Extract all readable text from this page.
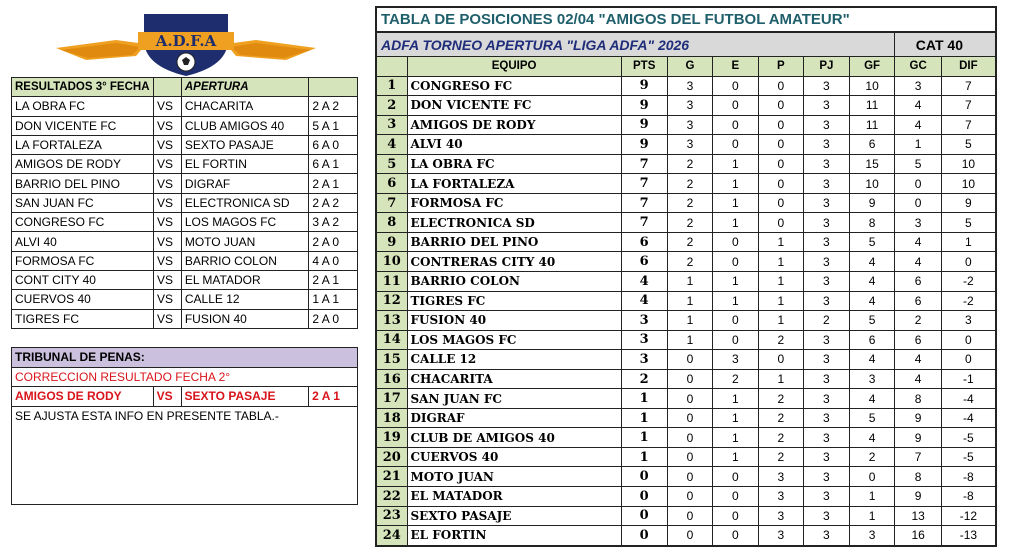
A.D.F.A
RESULTADOS 3° FECHA		APERTURA	
LA OBRA FC	VS	CHACARITA	2 A 2
DON VICENTE FC	VS	CLUB AMIGOS 40	5 A 1
LA FORTALEZA	VS	SEXTO PASAJE	6 A 0
AMIGOS DE RODY	VS	EL FORTIN	6 A 1
BARRIO DEL PINO	VS	DIGRAF	2 A 1
SAN JUAN FC	VS	ELECTRONICA SD	2 A 2
CONGRESO FC	VS	LOS MAGOS FC	3 A 2
ALVI 40	VS	MOTO JUAN	2 A 0
FORMOSA FC	VS	BARRIO COLON	4 A 0
CONT CITY 40	VS	EL MATADOR	2 A 1
CUERVOS 40	VS	CALLE 12	1 A 1
TIGRES FC	VS	FUSION 40	2 A 0
TRIBUNAL DE PENAS:
CORRECCION RESULTADO FECHA 2°
AMIGOS DE RODY	VS	SEXTO PASAJE	2 A 1
SE AJUSTA ESTA INFO EN PRESENTE TABLA.-
TABLA DE POSICIONES 02/04 "AMIGOS DEL FUTBOL AMATEUR"									
ADFA TORNEO APERTURA "LIGA ADFA" 2026								CAT 40	
	EQUIPO	PTS	G	E	P	PJ	GF	GC	DIF
1	CONGRESO FC	9	3	0	0	3	10	3	7
2	DON VICENTE FC	9	3	0	0	3	11	4	7
3	AMIGOS DE RODY	9	3	0	0	3	11	4	7
4	ALVI 40	9	3	0	0	3	6	1	5
5	LA OBRA FC	7	2	1	0	3	15	5	10
6	LA FORTALEZA	7	2	1	0	3	10	0	10
7	FORMOSA FC	7	2	1	0	3	9	0	9
8	ELECTRONICA SD	7	2	1	0	3	8	3	5
9	BARRIO DEL PINO	6	2	0	1	3	5	4	1
10	CONTRERAS CITY 40	6	2	0	1	3	4	4	0
11	BARRIO COLON	4	1	1	1	3	4	6	-2
12	TIGRES FC	4	1	1	1	3	4	6	-2
13	FUSION 40	3	1	0	1	2	5	2	3
14	LOS MAGOS FC	3	1	0	2	3	6	6	0
15	CALLE 12	3	0	3	0	3	4	4	0
16	CHACARITA	2	0	2	1	3	3	4	-1
17	SAN JUAN FC	1	0	1	2	3	4	8	-4
18	DIGRAF	1	0	1	2	3	5	9	-4
19	CLUB DE AMIGOS 40	1	0	1	2	3	4	9	-5
20	CUERVOS 40	1	0	1	2	3	2	7	-5
21	MOTO JUAN	0	0	0	3	3	0	8	-8
22	EL MATADOR	0	0	0	3	3	1	9	-8
23	SEXTO PASAJE	0	0	0	3	3	1	13	-12
24	EL FORTIN	0	0	0	3	3	3	16	-13
